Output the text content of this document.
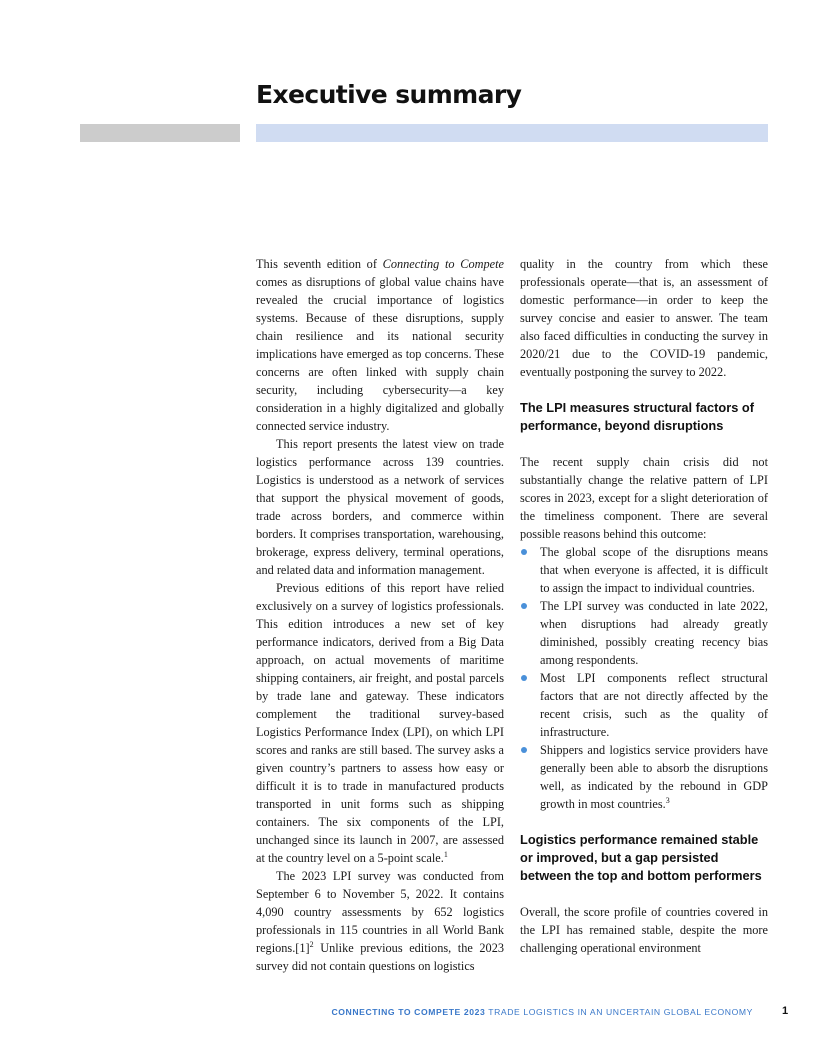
Executive summary

This seventh edition of Connecting to Compete comes as disruptions of global value chains have revealed the crucial importance of logistics systems. Because of these disruptions, supply chain resilience and its national security implications have emerged as top concerns. These concerns are often linked with supply chain security, including cybersecurity—a key consideration in a highly digitalized and globally connected service industry.

This report presents the latest view on trade logistics performance across 139 countries. Logistics is understood as a network of services that support the physical movement of goods, trade across borders, and commerce within borders. It comprises transportation, warehousing, brokerage, express delivery, terminal operations, and related data and information management.

Previous editions of this report have relied exclusively on a survey of logistics professionals. This edition introduces a new set of key performance indicators, derived from a Big Data approach, on actual movements of maritime shipping containers, air freight, and postal parcels by trade lane and gateway. These indicators complement the traditional survey-based Logistics Performance Index (LPI), on which LPI scores and ranks are still based. The survey asks a given country’s partners to assess how easy or difficult it is to trade in manufactured products transported in unit forms such as shipping containers. The six components of the LPI, unchanged since its launch in 2007, are assessed at the country level on a 5-point scale.$^1$

The 2023 LPI survey was conducted from September 6 to November 5, 2022. It contains 4,090 country assessments by 652 logistics professionals in 115 countries in all World Bank $regions.[1]^2$ Unlike previous editions, the 2023 survey did not contain questions on logistics

quality in the country from which these professionals operate—that is, an assessment of domestic performance—in order to keep the survey concise and easier to answer. The team also faced difficulties in conducting the survey in 2020/21 due to the COVID-19 pandemic, eventually postponing the survey to 2022.

The LPI measures structural factors of performance, beyond disruptions

The recent supply chain crisis did not substantially change the relative pattern of LPI scores in 2023, except for a slight deterioration of the timeliness component. There are several possible reasons behind this outcome:

The global scope of the disruptions means that when everyone is affected, it is difficult to assign the impact to individual countries.
The LPI survey was conducted in late 2022, when disruptions had already greatly diminished, possibly creating recency bias among respondents.
Most LPI components reflect structural factors that are not directly affected by the recent crisis, such as the quality of infrastructure.
Shippers and logistics service providers have generally been able to absorb the disruptions well, as indicated by the rebound in GDP growth in most countries.$^3$
Logistics performance remained stable or improved, but a gap persisted between the top and bottom performers

Overall, the score profile of countries covered in the LPI has remained stable, despite the more challenging operational environment

CONNECTING TO COMPETE 2023 TRADE LOGISTICS IN AN UNCERTAIN GLOBAL ECONOMY	1
